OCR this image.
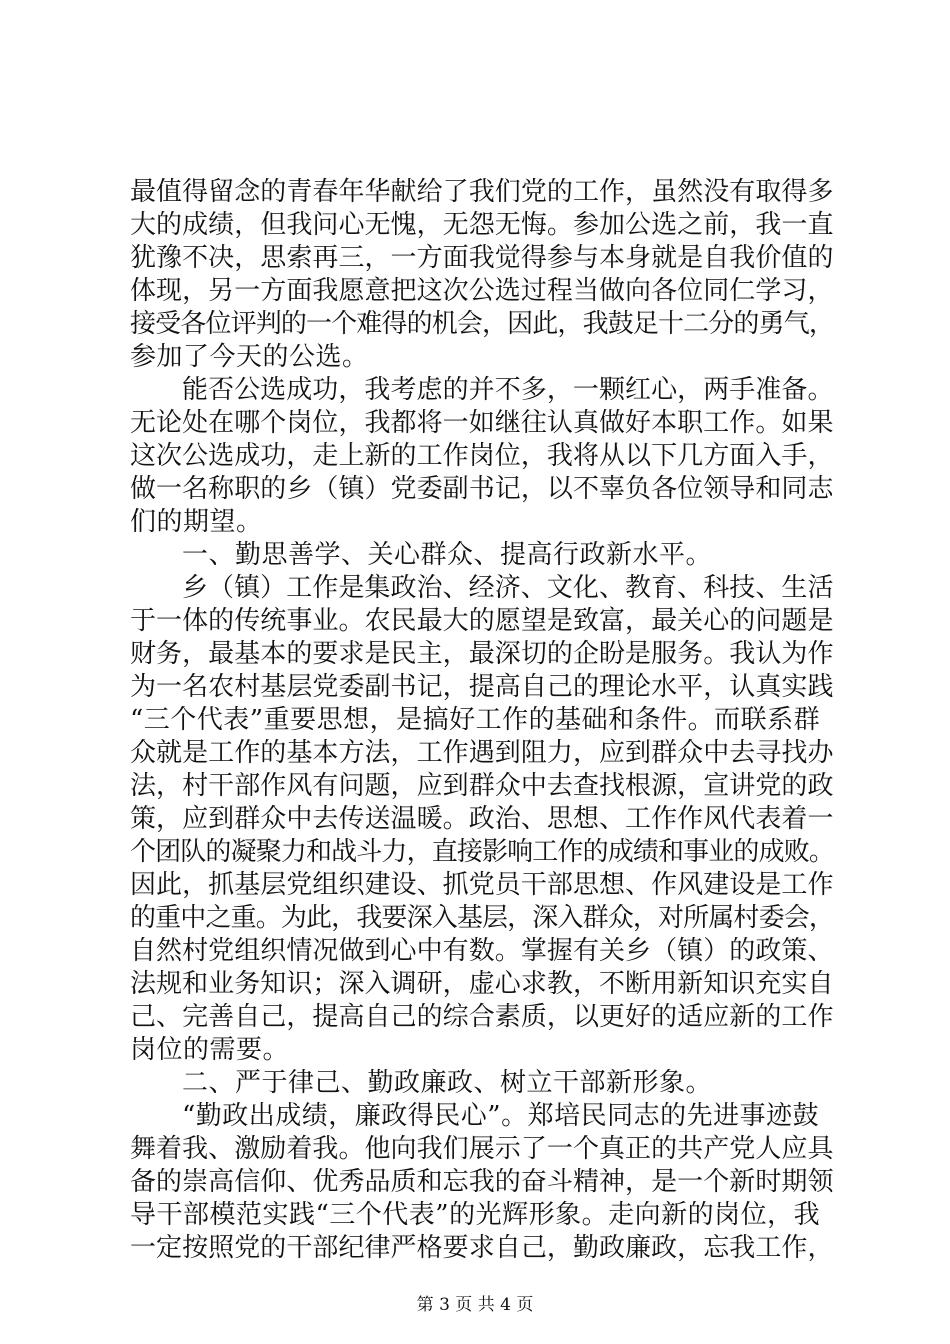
最值得留念的青春年华献给了我们党的工作，虽然没有取得多
大的成绩，但我问心无愧，无怨无悔。参加公选之前，我一直
犹豫不决，思索再三，一方面我觉得参与本身就是自我价值的
体现，另一方面我愿意把这次公选过程当做向各位同仁学习，
接受各位评判的一个难得的机会，因此，我鼓足十二分的勇气，
参加了今天的公选。
能否公选成功，我考虑的并不多，一颗红心，两手准备。
无论处在哪个岗位，我都将一如继往认真做好本职工作。如果
这次公选成功，走上新的工作岗位，我将从以下几方面入手，
做一名称职的乡（镇）党委副书记，以不辜负各位领导和同志
们的期望。
一、勤思善学、关心群众、提高行政新水平。
乡（镇）工作是集政治、经济、文化、教育、科技、生活
于一体的传统事业。农民最大的愿望是致富，最关心的问题是
财务，最基本的要求是民主，最深切的企盼是服务。我认为作
为一名农村基层党委副书记，提高自己的理论水平，认真实践
“三个代表”重要思想，是搞好工作的基础和条件。而联系群
众就是工作的基本方法，工作遇到阻力，应到群众中去寻找办
法，村干部作风有问题，应到群众中去查找根源，宣讲党的政
策，应到群众中去传送温暖。政治、思想、工作作风代表着一
个团队的凝聚力和战斗力，直接影响工作的成绩和事业的成败。
因此，抓基层党组织建设、抓党员干部思想、作风建设是工作
的重中之重。为此，我要深入基层，深入群众，对所属村委会，
自然村党组织情况做到心中有数。掌握有关乡（镇）的政策、
法规和业务知识；深入调研，虚心求教，不断用新知识充实自
己、完善自己，提高自己的综合素质，以更好的适应新的工作
岗位的需要。
二、严于律己、勤政廉政、树立干部新形象。
“勤政出成绩，廉政得民心”。郑培民同志的先进事迹鼓
舞着我、激励着我。他向我们展示了一个真正的共产党人应具
备的崇高信仰、优秀品质和忘我的奋斗精神，是一个新时期领
导干部模范实践“三个代表”的光辉形象。走向新的岗位，我
一定按照党的干部纪律严格要求自己，勤政廉政，忘我工作，
第 3 页 共 4 页
